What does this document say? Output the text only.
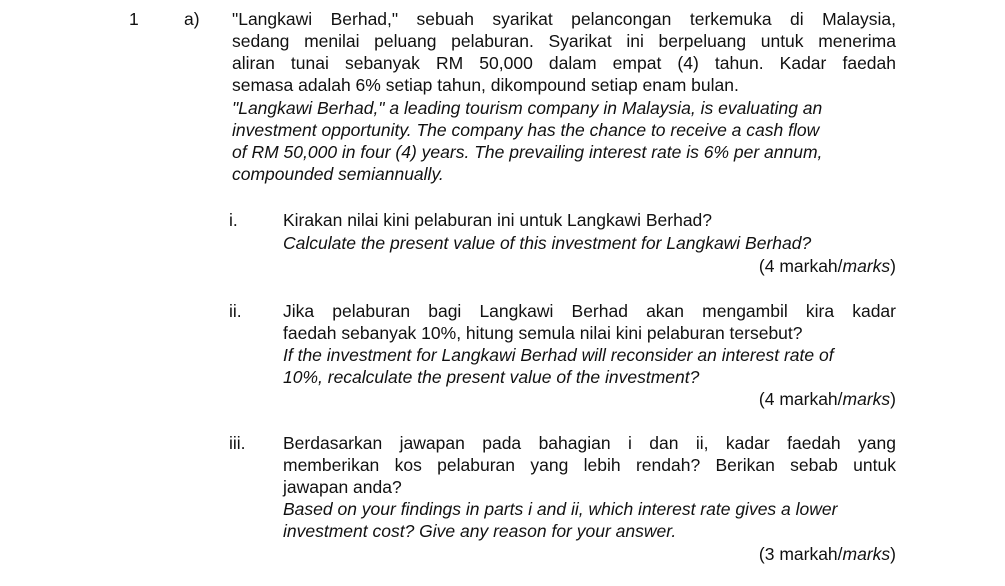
1	a) "Langkawi Berhad," sebuah syarikat pelancongan terkemuka di Malaysia,
sedang menilai peluang pelaburan. Syarikat ini berpeluang untuk menerima
aliran tunai sebanyak RM 50,000 dalam empat (4) tahun. Kadar faedah
semasa adalah 6% setiap tahun, dikompound setiap enam bulan.
"Langkawi Berhad," a leading tourism company in Malaysia, is evaluating an
investment opportunity. The company has the chance to receive a cash flow
of RM 50,000 in four (4) years. The prevailing interest rate is 6% per annum,
compounded semiannually.
i.	Kirakan nilai kini pelaburan ini untuk Langkawi Berhad?
Calculate the present value of this investment for Langkawi Berhad?
(4 markah/marks)
ii. Jika pelaburan bagi Langkawi Berhad akan mengambil kira kadar
faedah sebanyak 10%, hitung semula nilai kini pelaburan tersebut?
If the investment for Langkawi Berhad will reconsider an interest rate of
10%, recalculate the present value of the investment?
(4 markah/marks)
iii. Berdasarkan jawapan pada bahagian i dan ii, kadar faedah yang
memberikan kos pelaburan yang lebih rendah? Berikan sebab untuk
jawapan anda?
Based on your findings in parts i and ii, which interest rate gives a lower
investment cost? Give any reason for your answer.
(3 markah/marks)
